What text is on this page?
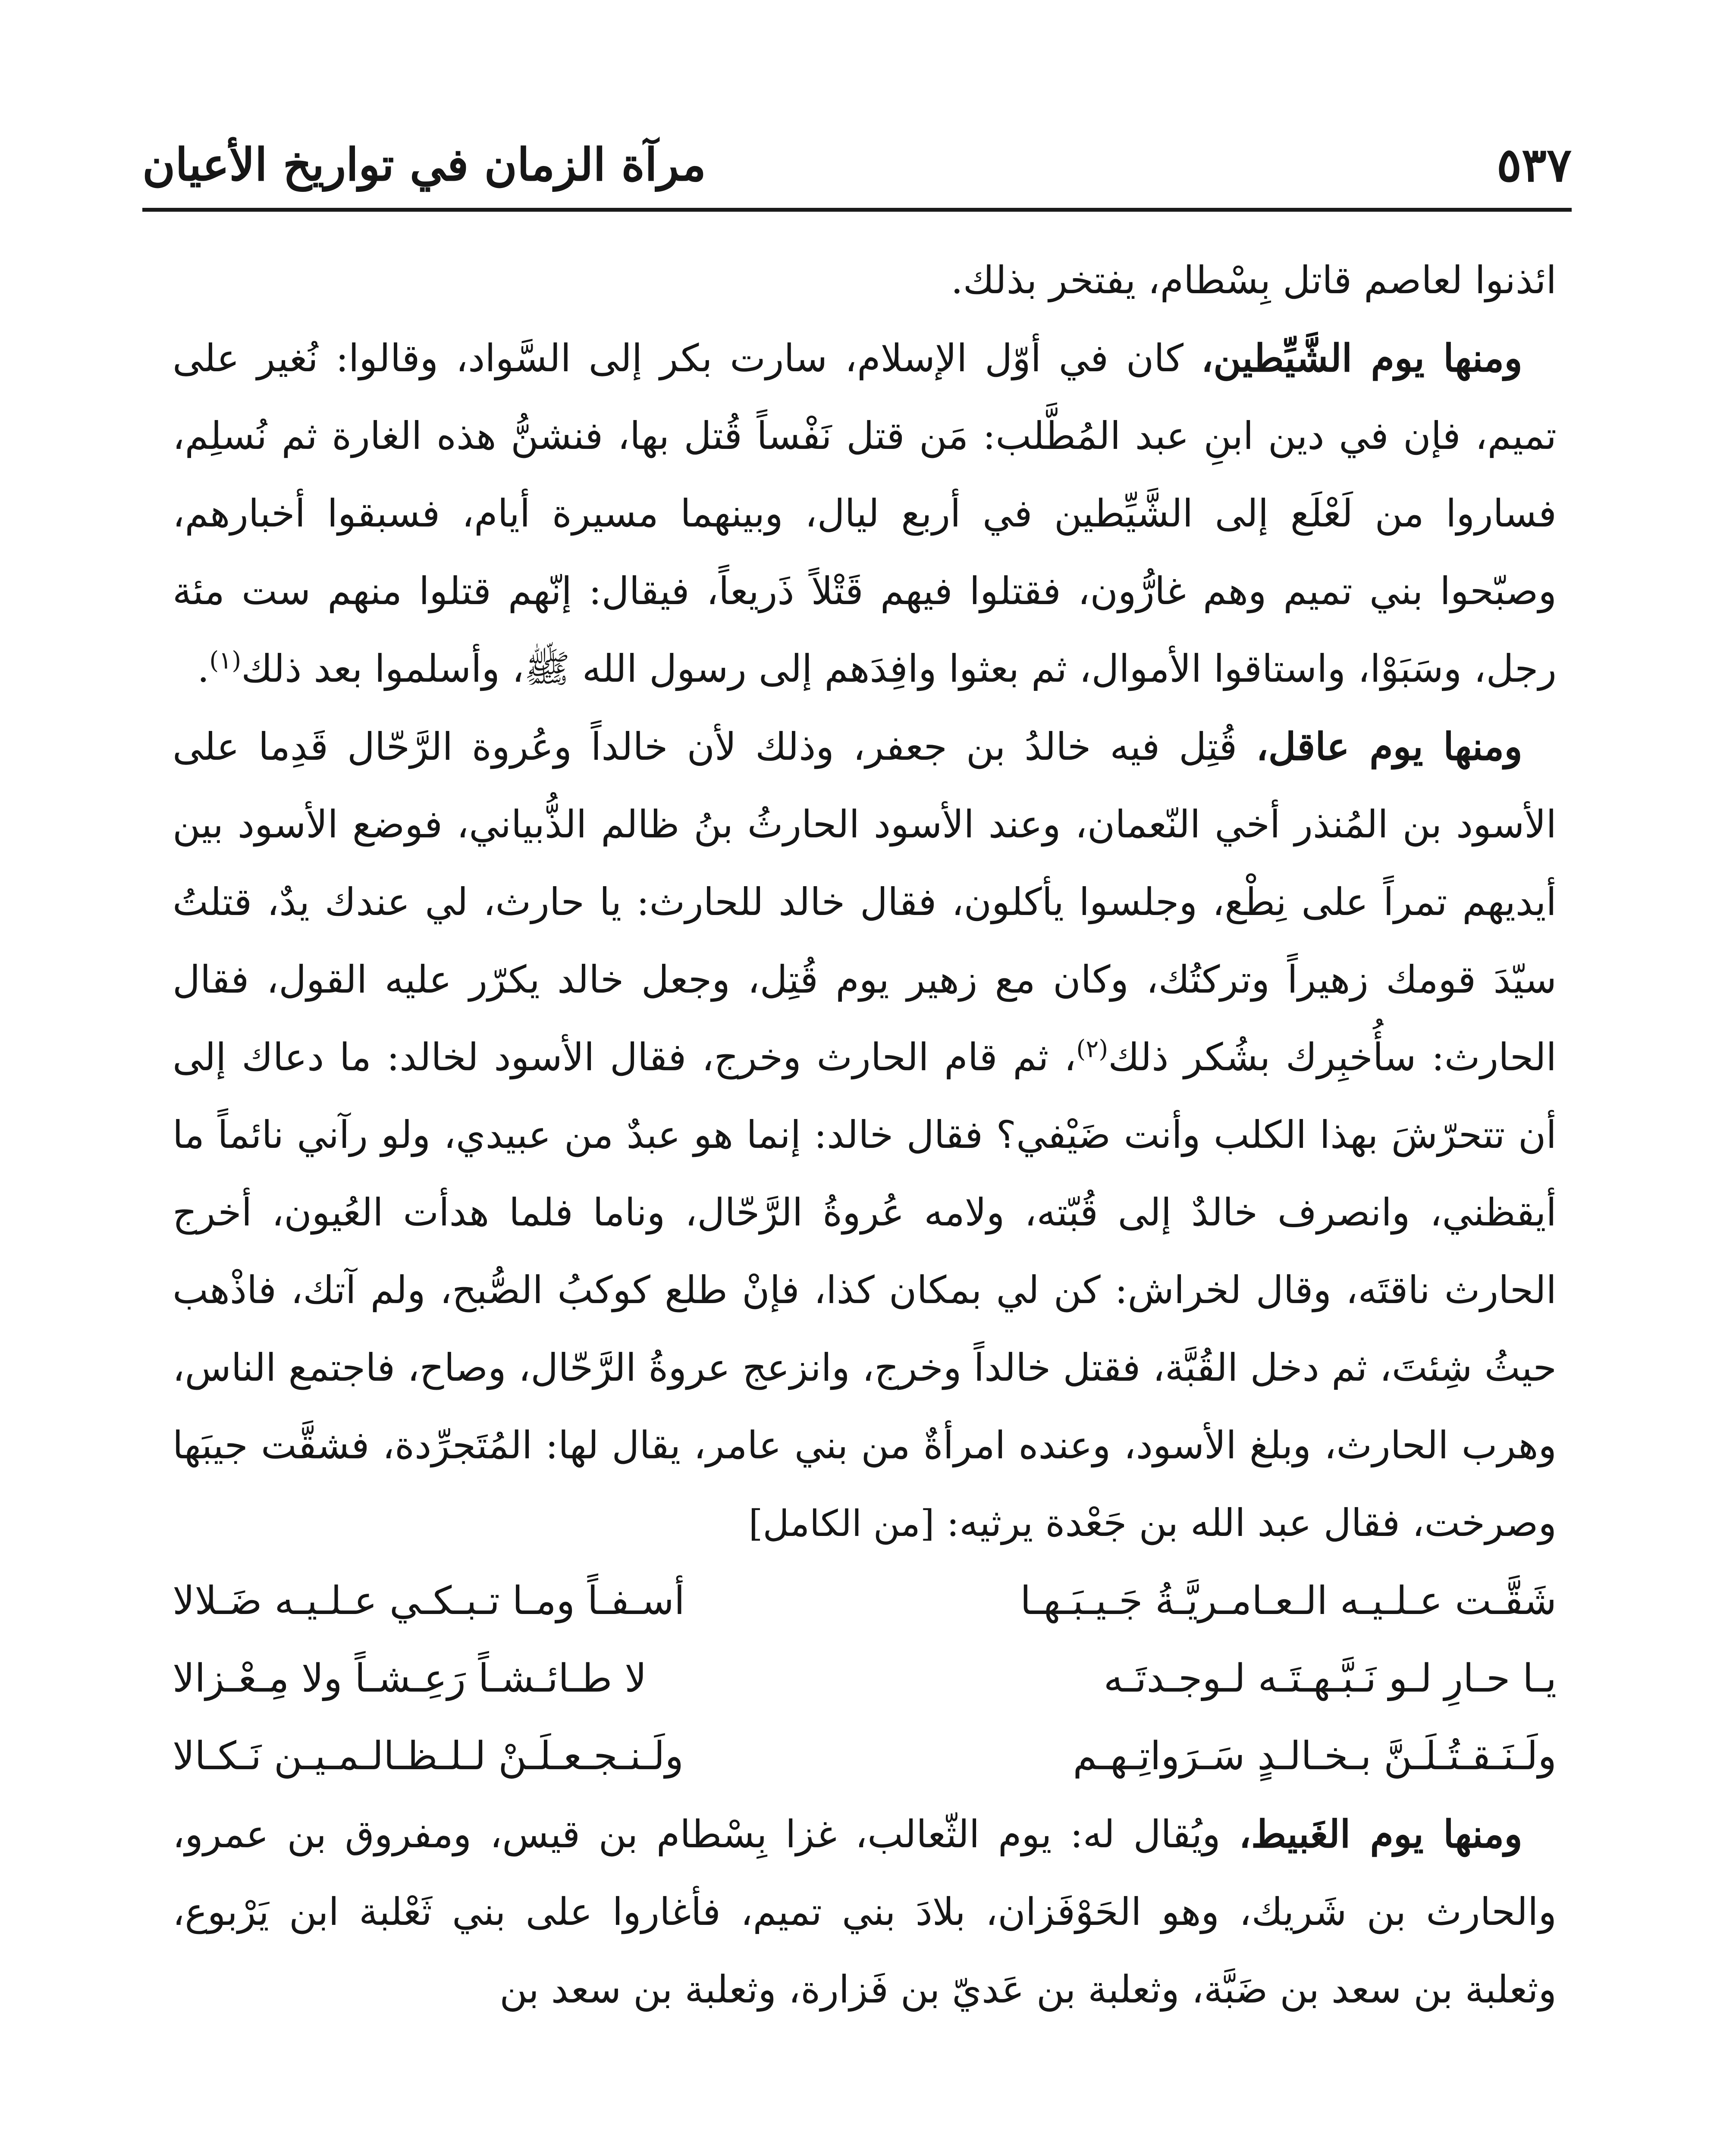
٥٣٧
مرآة الزمان في تواريخ الأعيان

ائذنوا لعاصم قاتل بِسْطام، يفتخر بذلك.

ومنها يوم الشَّيِّطين، كان في أوّل الإسلام، سارت بكر إلى السَّواد، وقالوا: نُغير على تميم، فإن في دين ابنِ عبد المُطَّلب: مَن قتل نَفْساً قُتل بها، فنشنُّ هذه الغارة ثم نُسلِم، فساروا من لَعْلَع إلى الشَّيِّطين في أربع ليال، وبينهما مسيرة أيام، فسبقوا أخبارهم، وصبّحوا بني تميم وهم غارُّون، فقتلوا فيهم قَتْلاً ذَريعاً، فيقال: إنّهم قتلوا منهم ست مئة رجل، وسَبَوْا، واستاقوا الأموال، ثم بعثوا وافِدَهم إلى رسول الله ﷺ، وأسلموا بعد ذلك$^{(١)}$.

ومنها يوم عاقل، قُتِل فيه خالدُ بن جعفر، وذلك لأن خالداً وعُروة الرَّحّال قَدِما على الأسود بن المُنذر أخي النّعمان، وعند الأسود الحارثُ بنُ ظالم الذُّبياني، فوضع الأسود بين أيديهم تمراً على نِطْع، وجلسوا يأكلون، فقال خالد للحارث: يا حارث، لي عندك يدٌ، قتلتُ سيّدَ قومك زهيراً وتركتُك، وكان مع زهير يوم قُتِل، وجعل خالد يكرّر عليه القول، فقال الحارث: سأُخبِرك بشُكر ذلك$^{(٢)}$، ثم قام الحارث وخرج، فقال الأسود لخالد: ما دعاك إلى أن تتحرّشَ بهذا الكلب وأنت ضَيْفي؟ فقال خالد: إنما هو عبدٌ من عبيدي، ولو رآني نائماً ما أيقظني، وانصرف خالدٌ إلى قُبّته، ولامه عُروةُ الرَّحّال، وناما فلما هدأت العُيون، أخرج الحارث ناقتَه، وقال لخراش: كن لي بمكان كذا، فإنْ طلع كوكبُ الصُّبح، ولم آتك، فاذْهب حيثُ شِئتَ، ثم دخل القُبَّة، فقتل خالداً وخرج، وانزعج عروةُ الرَّحّال، وصاح، فاجتمع الناس، وهرب الحارث، وبلغ الأسود، وعنده امرأةٌ من بني عامر، يقال لها: المُتَجرِّدة، فشقَّت جيبَها وصرخت، فقال عبد الله بن جَعْدة يرثيه: [من الكامل]

شَقَّـت عـلـيـه الـعـامـريَّـةُ جَـيـبَـهـا
أسـفـاً ومـا تـبـكـي عـلـيـه ضَـلالا
يـا حـارِ لـو نَـبَّـهـتَـه لـوجـدتَـه
لا طـائـشـاً رَعِـشـاً ولا مِـعْـزالا
ولَـنَـقـتُـلَـنَّ بـخـالـدٍ سَـرَواتِـهـم
ولَـنـجـعـلَـنْ لـلـظـالـمـيـن نَـكـالا

ومنها يوم الغَبيط، ويُقال له: يوم الثّعالب، غزا بِسْطام بن قيس، ومفروق بن عمرو، والحارث بن شَريك، وهو الحَوْفَزان، بلادَ بني تميم، فأغاروا على بني ثَعْلبة ابن يَرْبوع، وثعلبة بن سعد بن ضَبَّة، وثعلبة بن عَديّ بن فَزارة، وثعلبة بن سعد بن
